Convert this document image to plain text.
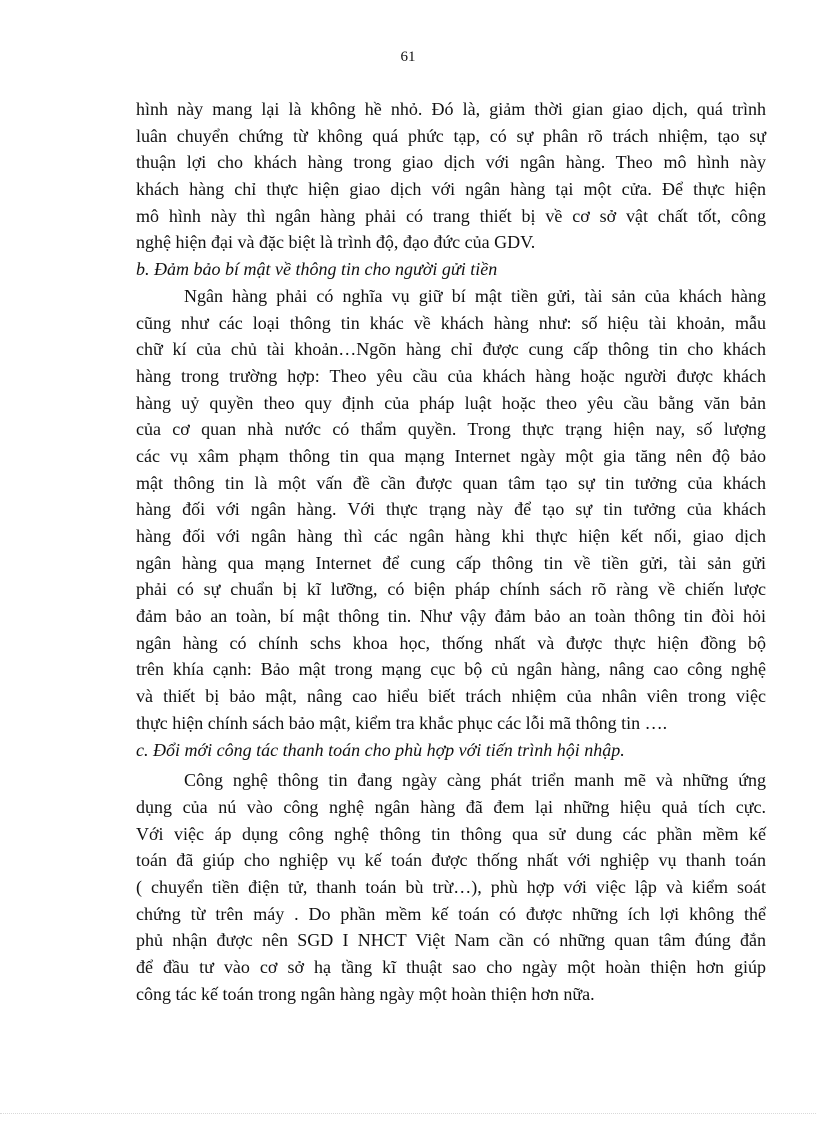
61
hình này mang lại là không hề nhỏ. Đó là, giảm thời gian giao dịch, quá trình
luân chuyển chứng từ không quá phức tạp, có sự phân rõ trách nhiệm, tạo sự
thuận lợi cho khách hàng trong giao dịch với ngân hàng. Theo mô hình này
khách hàng chỉ thực hiện giao dịch với ngân hàng tại một cửa. Để thực hiện
mô hình này thì ngân hàng phải có trang thiết bị về cơ sở vật chất tốt, công
nghệ hiện đại và đặc biệt là trình độ, đạo đức của GDV.
b. Đảm bảo bí mật về thông tin cho người gửi tiền
Ngân hàng phải có nghĩa vụ giữ bí mật tiền gửi, tài sản của khách hàng
cũng như các loại thông tin khác về khách hàng như: số hiệu tài khoản, mẫu
chữ kí của chủ tài khoản…Ngõn hàng chỉ được cung cấp thông tin cho khách
hàng trong trường hợp: Theo yêu cầu của khách hàng hoặc người được khách
hàng uỷ quyền theo quy định của pháp luật hoặc theo yêu cầu bằng văn bản
của cơ quan nhà nước có thẩm quyền. Trong thực trạng hiện nay, số lượng
các vụ xâm phạm thông tin qua mạng Internet ngày một gia tăng nên độ bảo
mật thông tin là một vấn đề cần được quan tâm tạo sự tin tưởng của khách
hàng đối với ngân hàng. Với thực trạng này để tạo sự tin tưởng của khách
hàng đối với ngân hàng thì các ngân hàng khi thực hiện kết nối, giao dịch
ngân hàng qua mạng Internet để cung cấp thông tin về tiền gửi, tài sản gửi
phải có sự chuẩn bị kĩ lưỡng, có biện pháp chính sách rõ ràng về chiến lược
đảm bảo an toàn, bí mật thông tin. Như vậy đảm bảo an toàn thông tin đòi hỏi
ngân hàng có chính schs khoa học, thống nhất và được thực hiện đồng bộ
trên khía cạnh: Bảo mật trong mạng cục bộ củ ngân hàng, nâng cao công nghệ
và thiết bị bảo mật, nâng cao hiểu biết trách nhiệm của nhân viên trong việc
thực hiện chính sách bảo mật, kiểm tra khắc phục các lỗi mã thông tin ….
c. Đổi mới công tác thanh toán cho phù hợp với tiến trình hội nhập.
Công nghệ thông tin đang ngày càng phát triển manh mẽ và những ứng
dụng của nú vào công nghệ ngân hàng đã đem lại những hiệu quả tích cực.
Với việc áp dụng công nghệ thông tin thông qua sử dung các phần mềm kế
toán đã giúp cho nghiệp vụ kế toán được thống nhất với nghiệp vụ thanh toán
( chuyển tiền điện tử, thanh toán bù trừ…), phù hợp với việc lập và kiểm soát
chứng từ trên máy . Do phần mềm kế toán có được những ích lợi không thể
phủ nhận được nên SGD I NHCT Việt Nam cần có những quan tâm đúng đắn
để đầu tư vào cơ sở hạ tầng kĩ thuật sao cho ngày một hoàn thiện hơn giúp
công tác kế toán trong ngân hàng ngày một hoàn thiện hơn nữa.
